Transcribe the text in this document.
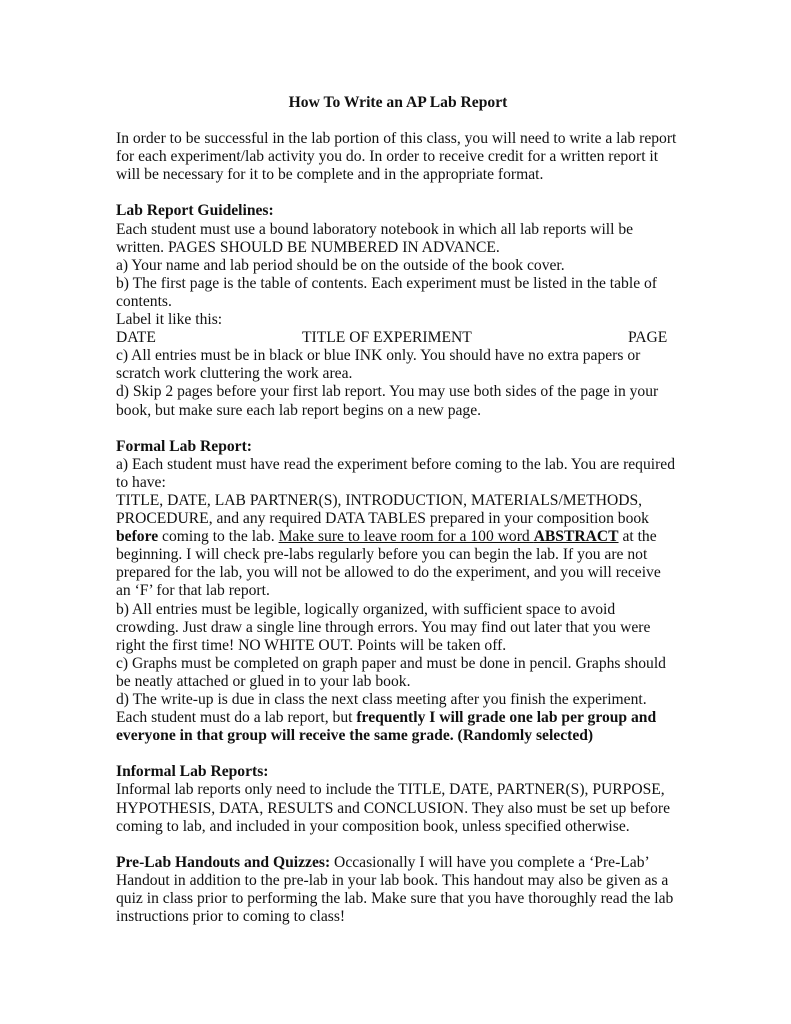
How To Write an AP Lab Report

In order to be successful in the lab portion of this class, you will need to write a lab report

for each experiment/lab activity you do. In order to receive credit for a written report it

will be necessary for it to be complete and in the appropriate format.

Lab Report Guidelines:

Each student must use a bound laboratory notebook in which all lab reports will be

written. PAGES SHOULD BE NUMBERED IN ADVANCE.

a) Your name and lab period should be on the outside of the book cover.

b) The first page is the table of contents. Each experiment must be listed in the table of

contents.

Label it like this:

DATE	TITLE OF EXPERIMENT	PAGE

c) All entries must be in black or blue INK only. You should have no extra papers or

scratch work cluttering the work area.

d) Skip 2 pages before your first lab report. You may use both sides of the page in your

book, but make sure each lab report begins on a new page.

Formal Lab Report:

a) Each student must have read the experiment before coming to the lab. You are required

to have:

TITLE, DATE, LAB PARTNER(S), INTRODUCTION, MATERIALS/METHODS,

PROCEDURE, and any required DATA TABLES prepared in your composition book

before coming to the lab. Make sure to leave room for a 100 word ABSTRACT at the

beginning. I will check pre-labs regularly before you can begin the lab. If you are not

prepared for the lab, you will not be allowed to do the experiment, and you will receive

an ‘F’ for that lab report.

b) All entries must be legible, logically organized, with sufficient space to avoid

crowding. Just draw a single line through errors. You may find out later that you were

right the first time! NO WHITE OUT. Points will be taken off.

c) Graphs must be completed on graph paper and must be done in pencil. Graphs should

be neatly attached or glued in to your lab book.

d) The write-up is due in class the next class meeting after you finish the experiment.

Each student must do a lab report, but frequently I will grade one lab per group and

everyone in that group will receive the same grade. (Randomly selected)

Informal Lab Reports:

Informal lab reports only need to include the TITLE, DATE, PARTNER(S), PURPOSE,

HYPOTHESIS, DATA, RESULTS and CONCLUSION. They also must be set up before

coming to lab, and included in your composition book, unless specified otherwise.

Pre-Lab Handouts and Quizzes: Occasionally I will have you complete a ‘Pre-Lab’

Handout in addition to the pre-lab in your lab book. This handout may also be given as a

quiz in class prior to performing the lab. Make sure that you have thoroughly read the lab

instructions prior to coming to class!
